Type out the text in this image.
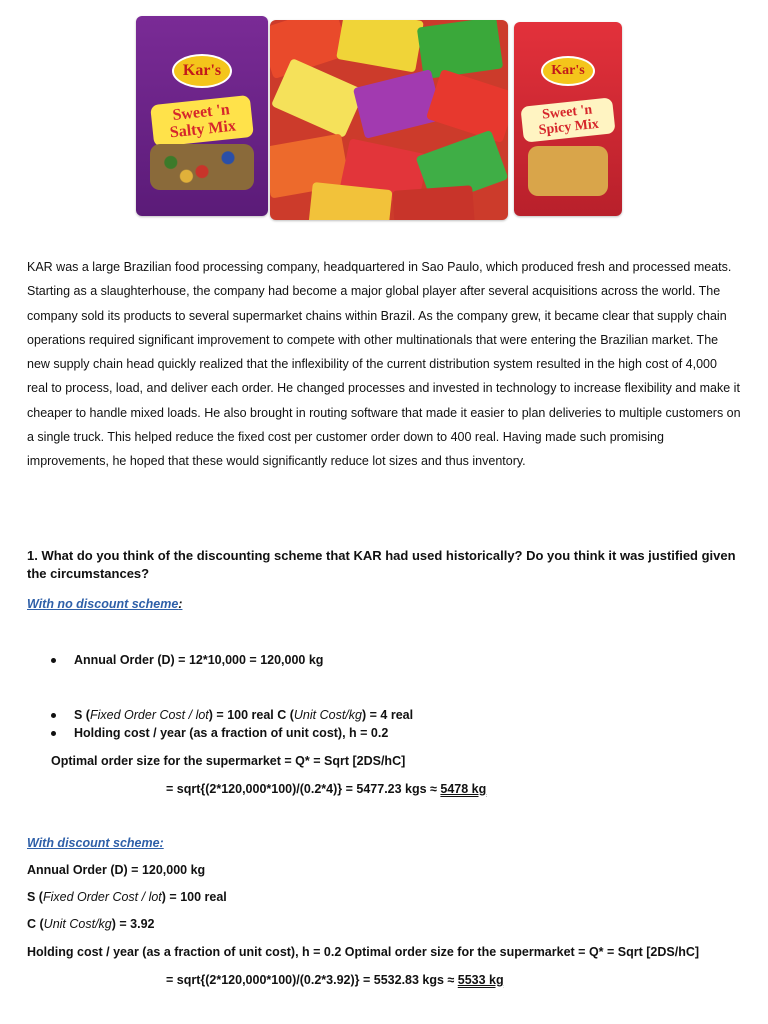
Kar's
Sweet 'n
Salty Mix
Kar's
Sweet 'n
Spicy Mix

KAR was a large Brazilian food processing company, headquartered in Sao Paulo, which produced fresh and processed meats. Starting as a slaughterhouse, the company had become a major global player after several acquisitions across the world. The company sold its products to several supermarket chains within Brazil. As the company grew, it became clear that supply chain operations required significant improvement to compete with other multinationals that were entering the Brazilian market. The new supply chain head quickly realized that the inflexibility of the current distribution system resulted in the high cost of 4,000 real to process, load, and deliver each order. He changed processes and invested in technology to increase flexibility and make it cheaper to handle mixed loads. He also brought in routing software that made it easier to plan deliveries to multiple customers on a single truck. This helped reduce the fixed cost per customer order down to 400 real. Having made such promising improvements, he hoped that these would significantly reduce lot sizes and thus inventory.

1. What do you think of the discounting scheme that KAR had used historically? Do you think it was justified given the circumstances?

With no discount scheme:
Annual Order (D) = 12*10,000 = 120,000 kg
S (Fixed Order Cost / lot) = 100 real C (Unit Cost/kg) = 4 real
Holding cost / year (as a fraction of unit cost), h = 0.2
Optimal order size for the supermarket = Q* = Sqrt [2DS/hC]
= sqrt{(2*120,000*100)/(0.2*4)} = 5477.23 kgs ≈ 5478 kg
With discount scheme:
Annual Order (D) = 120,000 kg
S (Fixed Order Cost / lot) = 100 real
C (Unit Cost/kg) = 3.92
Holding cost / year (as a fraction of unit cost), h = 0.2 Optimal order size for the supermarket = Q* = Sqrt [2DS/hC]
= sqrt{(2*120,000*100)/(0.2*3.92)} = 5532.83 kgs ≈ 5533 kg
